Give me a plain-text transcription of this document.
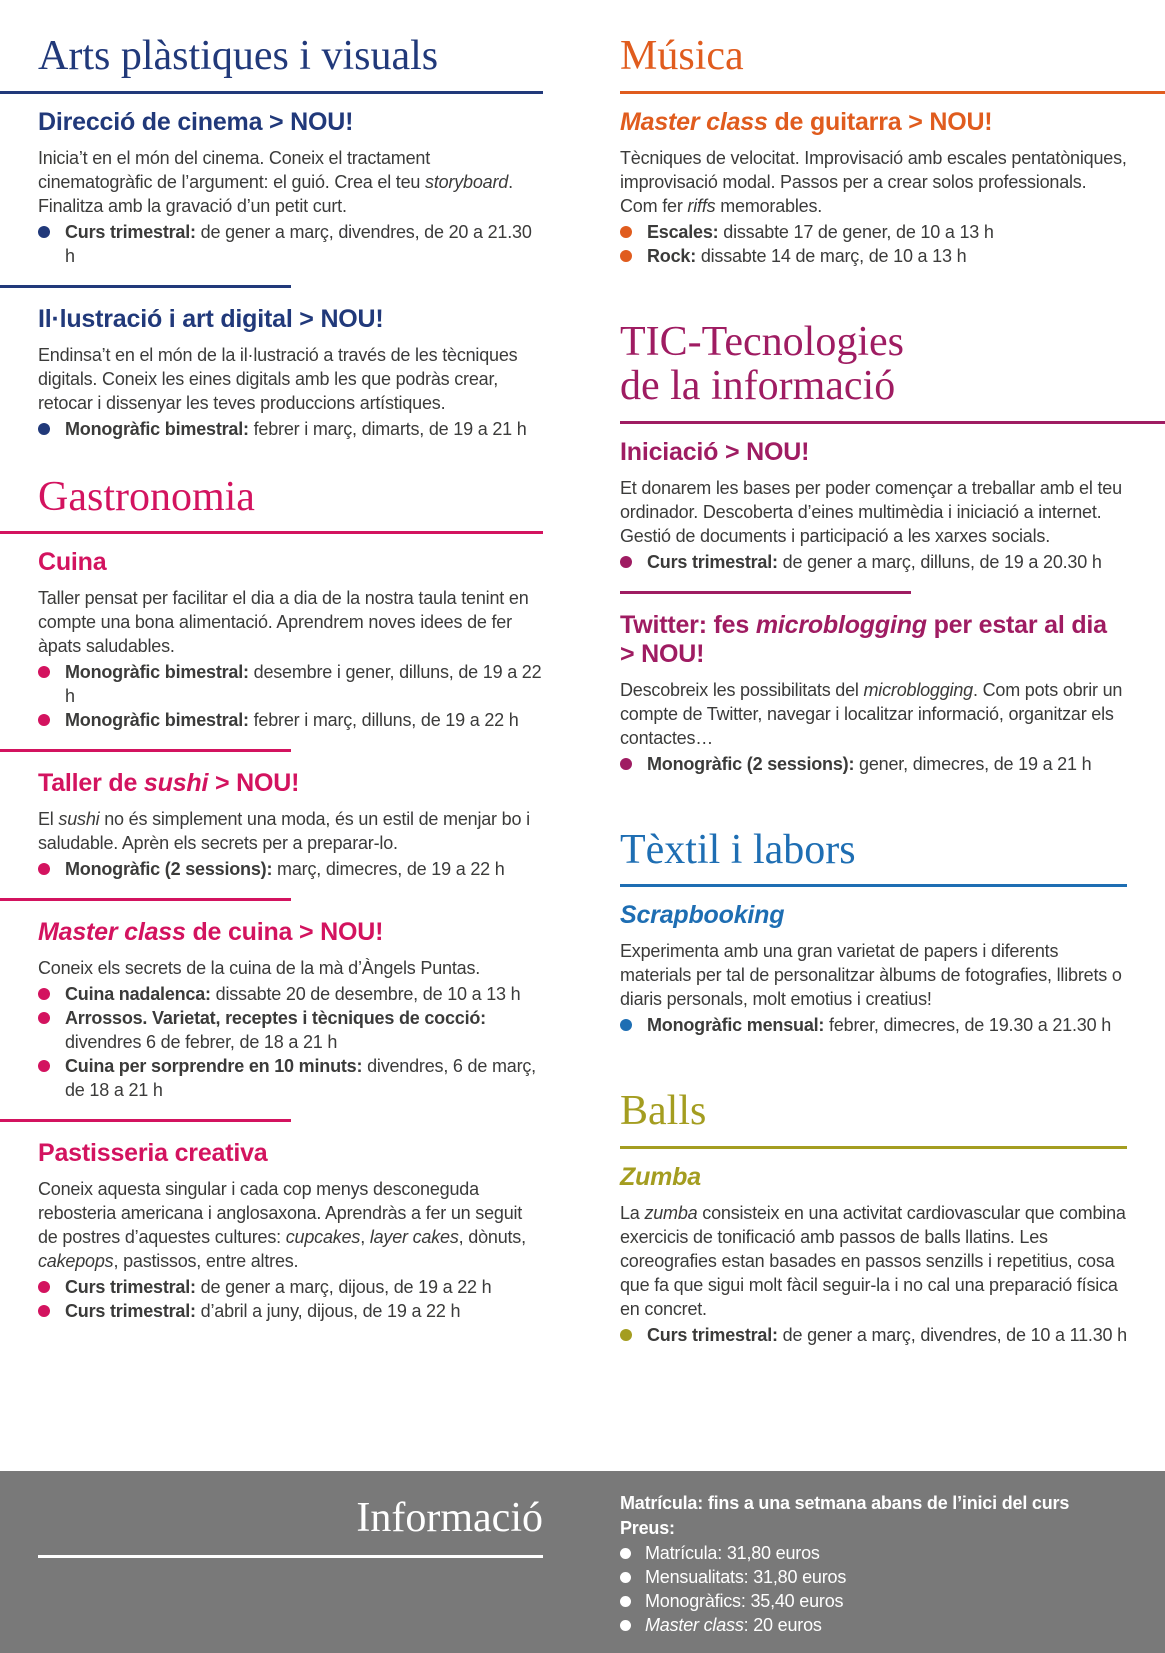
Arts plàstiques i visuals
Direcció de cinema > NOU!

Inicia’t en el món del cinema. Coneix el tractament cinematogràfic de l’argument: el guió. Crea el teu storyboard. Finalitza amb la gravació d’un petit curt.

Curs trimestral: de gener a març, divendres, de 20 a 21.30 h
Il·lustració i art digital > NOU!

Endinsa’t en el món de la il·lustració a través de les tècniques digitals. Coneix les eines digitals amb les que podràs crear, retocar i dissenyar les teves produccions artístiques.

Monogràfic bimestral: febrer i març, dimarts, de 19 a 21 h
Gastronomia
Cuina

Taller pensat per facilitar el dia a dia de la nostra taula tenint en compte una bona alimentació. Aprendrem noves idees de fer àpats saludables.

Monogràfic bimestral: desembre i gener, dilluns, de 19 a 22 h
Monogràfic bimestral: febrer i març, dilluns, de 19 a 22 h
Taller de sushi > NOU!

El sushi no és simplement una moda, és un estil de menjar bo i saludable. Aprèn els secrets per a preparar-lo.

Monogràfic (2 sessions): març, dimecres, de 19 a 22 h
Master class de cuina > NOU!

Coneix els secrets de la cuina de la mà d’Àngels Puntas.

Cuina nadalenca: dissabte 20 de desembre, de 10 a 13 h
Arrossos. Varietat, receptes i tècniques de cocció: divendres 6 de febrer, de 18 a 21 h
Cuina per sorprendre en 10 minuts: divendres, 6 de març, de 18 a 21 h
Pastisseria creativa

Coneix aquesta singular i cada cop menys desconeguda rebosteria americana i anglosaxona. Aprendràs a fer un seguit de postres d’aquestes cultures: cupcakes, layer cakes, dònuts, cakepops, pastissos, entre altres.

Curs trimestral: de gener a març, dijous, de 19 a 22 h
Curs trimestral: d’abril a juny, dijous, de 19 a 22 h
Música
Master class de guitarra > NOU!

Tècniques de velocitat. Improvisació amb escales pentatòniques, improvisació modal. Passos per a crear solos professionals. Com fer riffs memorables.

Escales: dissabte 17 de gener, de 10 a 13 h
Rock: dissabte 14 de març, de 10 a 13 h
TIC-Tecnologies
de la informació
Iniciació > NOU!

Et donarem les bases per poder començar a treballar amb el teu ordinador. Descoberta d’eines multimèdia i iniciació a internet. Gestió de documents i participació a les xarxes socials.

Curs trimestral: de gener a març, dilluns, de 19 a 20.30 h
Twitter: fes microblogging per estar al dia > NOU!

Descobreix les possibilitats del microblogging. Com pots obrir un compte de Twitter, navegar i localitzar informació, organitzar els contactes…

Monogràfic (2 sessions): gener, dimecres, de 19 a 21 h
Tèxtil i labors
Scrapbooking

Experimenta amb una gran varietat de papers i diferents materials per tal de personalitzar àlbums de fotografies, llibrets o diaris personals, molt emotius i creatius!

Monogràfic mensual: febrer, dimecres, de 19.30 a 21.30 h
Balls
Zumba

La zumba consisteix en una activitat cardiovascular que combina exercicis de tonificació amb passos de balls llatins. Les coreografies estan basades en passos senzills i repetitius, cosa que fa que sigui molt fàcil seguir-la i no cal una preparació física en concret.

Curs trimestral: de gener a març, divendres, de 10 a 11.30 h
Informació	Matrícula: fins a una setmana abans de l’inici del curs
Preus:
Matrícula: 31,80 euros
Mensualitats: 31,80 euros
Monogràfics: 35,40 euros
Master class: 20 euros
